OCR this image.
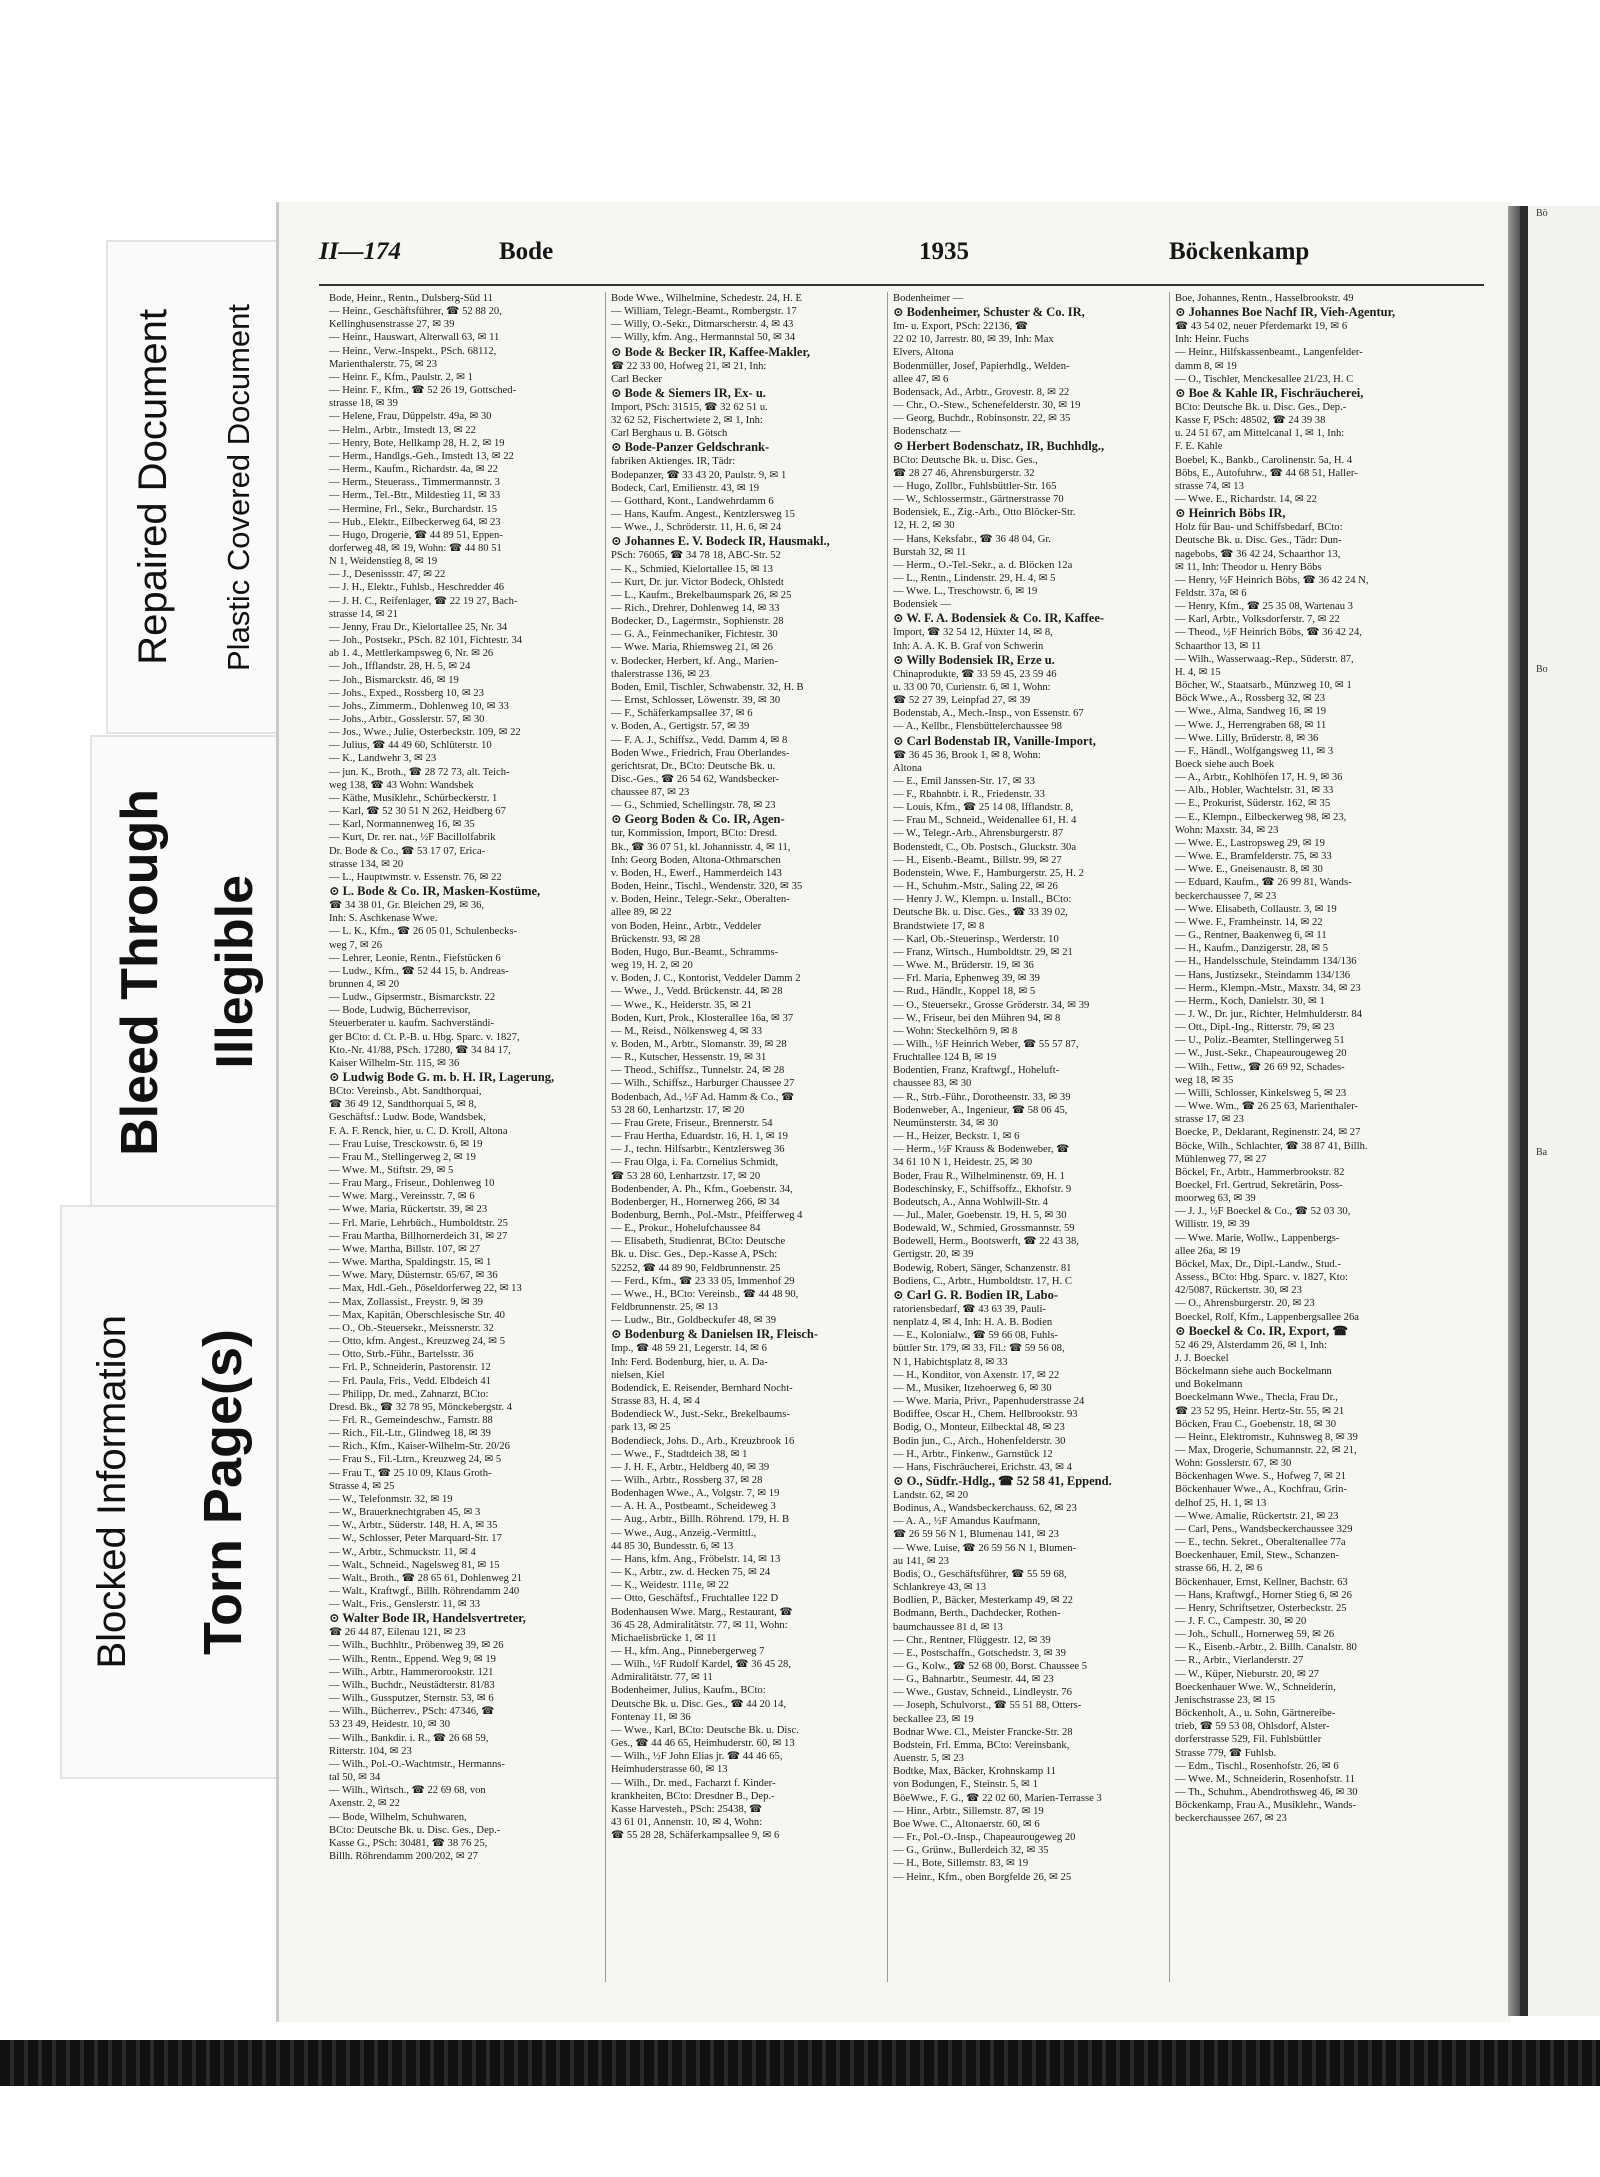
Repaired Document Plastic Covered Document
Bleed Through Illegible
Blocked Information Torn Page(s)
II—174	Bode	1935	Böckenkamp
Bode, Heinr., Rentn., Dulsberg-Süd 11
— Heinr., Geschäftsführer, ☎ 52 88 20,
Kellinghusenstrasse 27, ✉ 39
— Heinr., Hauswart, Alterwall 63, ✉ 11
— Heinr., Verw.-Inspekt., PSch. 68112,
Marienthalerstr. 75, ✉ 23
— Heinr. F., Kfm., Paulstr. 2, ✉ 1
— Heinr. F., Kfm., ☎ 52 26 19, Gottsched-
strasse 18, ✉ 39
— Helene, Frau, Düppelstr. 49a, ✉ 30
— Helm., Arbtr., Imstedt 13, ✉ 22
— Henry, Bote, Hellkamp 28, H. 2, ✉ 19
— Herm., Handlgs.-Geh., Imstedt 13, ✉ 22
— Herm., Kaufm., Richardstr. 4a, ✉ 22
— Herm., Steuerass., Timmermannstr. 3
— Herm., Tel.-Btr., Mildestieg 11, ✉ 33
— Hermine, Frl., Sekr., Burchardstr. 15
— Hub., Elektr., Eilbeckerweg 64, ✉ 23
— Hugo, Drogerie, ☎ 44 89 51, Eppen-
dorferweg 48, ✉ 19, Wohn: ☎ 44 80 51
N 1, Weidenstieg 8, ✉ 19
— J., Desenissstr. 47, ✉ 22
— J. H., Elektr., Fuhlsb., Heschredder 46
— J. H. C., Reifenlager, ☎ 22 19 27, Bach-
strasse 14, ✉ 21
— Jenny, Frau Dr., Kielortallee 25, Nr. 34
— Joh., Postsekr., PSch. 82 101, Fichtestr. 34
ab 1. 4., Mettlerkampsweg 6, Nr. ✉ 26
— Joh., Ifflandstr. 28, H. 5, ✉ 24
— Joh., Bismarckstr. 46, ✉ 19
— Johs., Exped., Rossberg 10, ✉ 23
— Johs., Zimmerm., Dohlenweg 10, ✉ 33
— Johs., Arbtr., Gosslerstr. 57, ✉ 30
— Jos., Wwe., Julie, Osterbeckstr. 109, ✉ 22
— Julius, ☎ 44 49 60, Schlüterstr. 10
— K., Landwehr 3, ✉ 23
— jun. K., Broth., ☎ 28 72 73, alt. Teich-
weg 138, ☎ 43 Wohn: Wandsbek
— Käthe, Musiklehr., Schürbeckerstr. 1
— Karl, ☎ 52 30 51 N 262, Heidberg 67
— Karl, Normannenweg 16, ✉ 35
— Kurt, Dr. rer. nat., ½F Bacillolfabrik
Dr. Bode & Co., ☎ 53 17 07, Erica-
strasse 134, ✉ 20
— L., Hauptwmstr. v. Essenstr. 76, ✉ 22
⊙ L. Bode & Co. IR, Masken-Kostüme,
☎ 34 38 01, Gr. Bleichen 29, ✉ 36,
Inh: S. Aschkenase Wwe.
— L. K., Kfm., ☎ 26 05 01, Schulenbecks-
weg 7, ✉ 26
— Lehrer, Leonie, Rentn., Fiefstücken 6
— Ludw., Kfm., ☎ 52 44 15, b. Andreas-
brunnen 4, ✉ 20
— Ludw., Gipsermstr., Bismarckstr. 22
— Bode, Ludwig, Bücherrevisor,
Steuerberater u. kaufm. Sachverständi-
ger BCto: d. Ct. P.-B. u. Hbg. Sparc. v. 1827,
Kto.-Nr. 41/88, PSch. 17280, ☎ 34 84 17,
Kaiser Wilhelm-Str. 115, ✉ 36
⊙ Ludwig Bode G. m. b. H. IR, Lagerung,
BCto: Vereinsb., Abt. Sandthorquai,
☎ 36 49 12, Sandthorquai 5, ✉ 8,
Geschäftsf.: Ludw. Bode, Wandsbek,
F. A. F. Renck, hier, u. C. D. Kroll, Altona
— Frau Luise, Tresckowstr. 6, ✉ 19
— Frau M., Stellingerweg 2, ✉ 19
— Wwe. M., Stiftstr. 29, ✉ 5
— Frau Marg., Friseur., Dohlenweg 10
— Wwe. Marg., Vereinsstr. 7, ✉ 6
— Wwe. Maria, Rückertstr. 39, ✉ 23
— Frl. Marie, Lehrbüch., Humboldtstr. 25
— Frau Martha, Billhornerdeich 31, ✉ 27
— Wwe. Martha, Billstr. 107, ✉ 27
— Wwe. Martha, Spaldingstr. 15, ✉ 1
— Wwe. Mary, Düsternstr. 65/67, ✉ 36
— Max, Hdl.-Geh., Pöseldorferweg 22, ✉ 13
— Max, Zollassist., Freystr. 9, ✉ 39
— Max, Kapitän, Oberschlesische Str. 40
— O., Ob.-Steuersekr., Meissnerstr. 32
— Otto, kfm. Angest., Kreuzweg 24, ✉ 5
— Otto, Strb.-Führ., Bartelsstr. 36
— Frl. P., Schneiderin, Pastorenstr. 12
— Frl. Paula, Fris., Vedd. Elbdeich 41
— Philipp, Dr. med., Zahnarzt, BCto:
Dresd. Bk., ☎ 32 78 95, Mönckebergstr. 4
— Frl. R., Gemeindeschw., Farnstr. 88
— Rich., Fil.-Ltr., Glindweg 18, ✉ 39
— Rich., Kfm., Kaiser-Wilhelm-Str. 20/26
— Frau S., Fil.-Ltrn., Kreuzweg 24, ✉ 5
— Frau T., ☎ 25 10 09, Klaus Groth-
Strasse 4, ✉ 25
— W., Telefonmstr. 32, ✉ 19
— W., Brauerknechtgraben 45, ✉ 3
— W., Arbtr., Süderstr. 148, H. A, ✉ 35
— W., Schlosser, Peter Marquard-Str. 17
— W., Arbtr., Schmuckstr. 11, ✉ 4
— Walt., Schneid., Nagelsweg 81, ✉ 15
— Walt., Broth., ☎ 28 65 61, Dohlenweg 21
— Walt., Kraftwgf., Billh. Röhrendamm 240
— Walt., Fris., Genslerstr. 11, ✉ 33
⊙ Walter Bode IR, Handelsvertreter,
☎ 26 44 87, Eilenau 121, ✉ 23
— Wilh., Buchhltr., Pröbenweg 39, ✉ 26
— Wilh., Rentn., Eppend. Weg 9, ✉ 19
— Wilh., Arbtr., Hammerorookstr. 121
— Wilh., Buchdr., Neustädterstr. 81/83
— Wilh., Gussputzer, Sternstr. 53, ✉ 6
— Wilh., Bücherrev., PSch: 47346, ☎
53 23 49, Heidestr. 10, ✉ 30
— Wilh., Bankdir. i. R., ☎ 26 68 59,
Ritterstr. 104, ✉ 23
— Wilh., Pol.-O.-Wachtmstr., Hermanns-
tal 50, ✉ 34
— Wilh., Wirtsch., ☎ 22 69 68, von
Axenstr. 2, ✉ 22
— Bode, Wilhelm, Schuhwaren,
BCto: Deutsche Bk. u. Disc. Ges., Dep.-
Kasse G., PSch: 30481, ☎ 38 76 25,
Billh. Röhrendamm 200/202, ✉ 27
Bode Wwe., Wilhelmine, Schedestr. 24, H. E
— William, Telegr.-Beamt., Rombergstr. 17
— Willy, O.-Sekr., Ditmarscherstr. 4, ✉ 43
— Willy, kfm. Ang., Hermannstal 50, ✉ 34
⊙ Bode & Becker IR, Kaffee-Makler,
☎ 22 33 00, Hofweg 21, ✉ 21, Inh:
Carl Becker
⊙ Bode & Siemers IR, Ex- u.
Import, PSch: 31515, ☎ 32 62 51 u.
32 62 52, Fischertwiete 2, ✉ 1, Inh:
Carl Berghaus u. B. Götsch
⊙ Bode-Panzer Geldschrank-
fabriken Aktienges. IR, Tädr:
Bodepanzer, ☎ 33 43 20, Paulstr. 9, ✉ 1
Bodeck, Carl, Emilienstr. 43, ✉ 19
— Gotthard, Kont., Landwehrdamm 6
— Hans, Kaufm. Angest., Kentzlersweg 15
— Wwe., J., Schröderstr. 11, H. 6, ✉ 24
⊙ Johannes E. V. Bodeck IR, Hausmakl.,
PSch: 76065, ☎ 34 78 18, ABC-Str. 52
— K., Schmied, Kielortallee 15, ✉ 13
— Kurt, Dr. jur. Victor Bodeck, Ohlstedt
— L., Kaufm., Brekelbaumspark 26, ✉ 25
— Rich., Drehrer, Dohlenweg 14, ✉ 33
Bodecker, D., Lagermstr., Sophienstr. 28
— G. A., Feinmechaniker, Fichtestr. 30
— Wwe. Maria, Rhiemsweg 21, ✉ 26
v. Bodecker, Herbert, kf. Ang., Marien-
thalerstrasse 136, ✉ 23
Boden, Emil, Tischler, Schwabenstr. 32, H. B
— Ernst, Schlosser, Löwenstr. 39, ✉ 30
— F., Schäferkampsallee 37, ✉ 6
v. Boden, A., Gertigstr. 57, ✉ 39
— F. A. J., Schiffsz., Vedd. Damm 4, ✉ 8
Boden Wwe., Friedrich, Frau Oberlandes-
gerichtsrat, Dr., BCto: Deutsche Bk. u.
Disc.-Ges., ☎ 26 54 62, Wandsbecker-
chaussee 87, ✉ 23
— G., Schmied, Schellingstr. 78, ✉ 23
⊙ Georg Boden & Co. IR, Agen-
tur, Kommission, Import, BCto: Dresd.
Bk., ☎ 36 07 51, kl. Johannisstr. 4, ✉ 11,
Inh: Georg Boden, Altona-Othmarschen
v. Boden, H., Ewerf., Hammerdeich 143
Boden, Heinr., Tischl., Wendenstr. 320, ✉ 35
v. Boden, Heinr., Telegr.-Sekr., Oberalten-
allee 89, ✉ 22
von Boden, Heinr., Arbtr., Veddeler
Brückenstr. 93, ✉ 28
Boden, Hugo, Bur.-Beamt., Schramms-
weg 19, H. 2, ✉ 20
v. Boden, J. C., Kontorist, Veddeler Damm 2
— Wwe., J., Vedd. Brückenstr. 44, ✉ 28
— Wwe., K., Heiderstr. 35, ✉ 21
Boden, Kurt, Prok., Klosterallee 16a, ✉ 37
— M., Reisd., Nölkensweg 4, ✉ 33
v. Boden, M., Arbtr., Slomanstr. 39, ✉ 28
— R., Kutscher, Hessenstr. 19, ✉ 31
— Theod., Schiffsz., Tunnelstr. 24, ✉ 28
— Wilh., Schiffsz., Harburger Chaussee 27
Bodenbach, Ad., ½F Ad. Hamm & Co., ☎
53 28 60, Lenhartzstr. 17, ✉ 20
— Frau Grete, Friseur., Brennerstr. 54
— Frau Hertha, Eduardstr. 16, H. 1, ✉ 19
— J., techn. Hilfsarbtr., Kentzlersweg 36
— Frau Olga, i. Fa. Cornelius Schmidt,
☎ 53 28 60, Lenhartzstr. 17, ✉ 20
Bodenbender, A. Ph., Kfm., Goebenstr. 34,
Bodenberger, H., Hornerweg 266, ✉ 34
Bodenburg, Bernh., Pol.-Mstr., Pfeifferweg 4
— E., Prokur., Hohelufchaussee 84
— Elisabeth, Studienrat, BCto: Deutsche
Bk. u. Disc. Ges., Dep.-Kasse A, PSch:
52252, ☎ 44 89 90, Feldbrunnenstr. 25
— Ferd., Kfm., ☎ 23 33 05, Immenhof 29
— Wwe., H., BCto: Vereinsb., ☎ 44 48 90,
Feldbrunnenstr. 25, ✉ 13
— Ludw., Btr., Goldbeckufer 48, ✉ 39
⊙ Bodenburg & Danielsen IR, Fleisch-
Imp., ☎ 48 59 21, Legerstr. 14, ✉ 6
Inh: Ferd. Bodenburg, hier, u. A. Da-
nielsen, Kiel
Bodendick, E. Reisender, Bernhard Nocht-
Strasse 83, H. 4, ✉ 4
Bodendieck W., Just.-Sekr., Brekelbaums-
park 13, ✉ 25
Bodendieck, Johs. D., Arb., Kreuzbrook 16
— Wwe., F., Stadtdeich 38, ✉ 1
— J. H. F., Arbtr., Heldberg 40, ✉ 39
— Wilh., Arbtr., Rossberg 37, ✉ 28
Bodenhagen Wwe., A., Volgstr. 7, ✉ 19
— A. H. A., Postbeamt., Scheideweg 3
— Aug., Arbtr., Billh. Röhrend. 179, H. B
— Wwe., Aug., Anzeig.-Vermittl.,
44 85 30, Bundesstr. 6, ✉ 13
— Hans, kfm. Ang., Fröbelstr. 14, ✉ 13
— K., Arbtr., zw. d. Hecken 75, ✉ 24
— K., Weidestr. 111e, ✉ 22
— Otto, Geschäftsf., Fruchtallee 122 D
Bodenhausen Wwe. Marg., Restaurant, ☎
36 45 28, Admiralitätstr. 77, ✉ 11, Wohn:
Michaelisbrücke 1, ✉ 11
— H., kfm. Ang., Pinnebergerweg 7
— Wilh., ½F Rudolf Kardel, ☎ 36 45 28,
Admiralitätstr. 77, ✉ 11
Bodenheimer, Julius, Kaufm., BCto:
Deutsche Bk. u. Disc. Ges., ☎ 44 20 14,
Fontenay 11, ✉ 36
— Wwe., Karl, BCto: Deutsche Bk. u. Disc.
Ges., ☎ 44 46 65, Heimhuderstr. 60, ✉ 13
— Wilh., ½F John Elias jr. ☎ 44 46 65,
Heimhuderstrasse 60, ✉ 13
— Wilh., Dr. med., Facharzt f. Kinder-
krankheiten, BCto: Dresdner B., Dep.-
Kasse Harvesteh., PSch: 25438, ☎
43 61 01, Annenstr. 10, ✉ 4, Wohn:
☎ 55 28 28, Schäferkampsallee 9, ✉ 6
Bodenheimer —
⊙ Bodenheimer, Schuster & Co. IR,
Im- u. Export, PSch: 22136, ☎
22 02 10, Jarrestr. 80, ✉ 39, Inh: Max
Elvers, Altona
Bodenmüller, Josef, Papierhdlg., Welden-
allee 47, ✉ 6
Bodensack, Ad., Arbtr., Grovestr. 8, ✉ 22
— Chr., O.-Stew., Schenefelderstr. 30, ✉ 19
— Georg, Buchdr., Robinsonstr. 22, ✉ 35
Bodenschatz —
⊙ Herbert Bodenschatz, IR, Buchhdlg.,
BCto: Deutsche Bk. u. Disc. Ges.,
☎ 28 27 46, Ahrensburgerstr. 32
— Hugo, Zollbr., Fuhlsbüttler-Str. 165
— W., Schlossermstr., Gärtnerstrasse 70
Bodensiek, E., Zig.-Arb., Otto Blöcker-Str.
12, H. 2, ✉ 30
— Hans, Keksfabr., ☎ 36 48 04, Gr.
Burstah 32, ✉ 11
— Herm., O.-Tel.-Sekr., a. d. Blöcken 12a
— L., Rentn., Lindenstr. 29, H. 4, ✉ 5
— Wwe. L., Treschowstr. 6, ✉ 19
Bodensiek —
⊙ W. F. A. Bodensiek & Co. IR, Kaffee-
Import, ☎ 32 54 12, Hüxter 14, ✉ 8,
Inh: A. A. K. B. Graf von Schwerin
⊙ Willy Bodensiek IR, Erze u.
Chinaprodukte, ☎ 33 59 45, 23 59 46
u. 33 00 70, Curienstr. 6, ✉ 1, Wohn:
☎ 52 27 39, Leinpfad 27, ✉ 39
Bodenstab, A., Mech.-Insp., von Essenstr. 67
— A., Kellbr., Flensbüttelerchaussee 98
⊙ Carl Bodenstab IR, Vanille-Import,
☎ 36 45 36, Brook 1, ✉ 8, Wohn:
Altona
— E., Emil Janssen-Str. 17, ✉ 33
— F., Rbahnbtr. i. R., Friedenstr. 33
— Louis, Kfm., ☎ 25 14 08, Ifflandstr. 8,
— Frau M., Schneid., Weidenallee 61, H. 4
— W., Telegr.-Arb., Ahrensburgerstr. 87
Bodenstedt, C., Ob. Postsch., Gluckstr. 30a
— H., Eisenb.-Beamt., Billstr. 99, ✉ 27
Bodenstein, Wwe. F., Hamburgerstr. 25, H. 2
— H., Schuhm.-Mstr., Saling 22, ✉ 26
— Henry J. W., Klempn. u. Install., BCto:
Deutsche Bk. u. Disc. Ges., ☎ 33 39 02,
Brandstwiete 17, ✉ 8
— Karl, Ob.-Steuerinsp., Werderstr. 10
— Franz, Wirtsch., Humboldtstr. 29, ✉ 21
— Wwe. M., Brüderstr. 19, ✉ 36
— Frl. Maria, Ephenweg 39, ✉ 39
— Rud., Händlr., Koppel 18, ✉ 5
— O., Steuersekr., Grosse Gröderstr. 34, ✉ 39
— W., Friseur, bei den Mühren 94, ✉ 8
— Wohn: Steckelhörn 9, ✉ 8
— Wilh., ½F Heinrich Weber, ☎ 55 57 87,
Fruchtallee 124 B, ✉ 19
Bodentien, Franz, Kraftwgf., Hoheluft-
chaussee 83, ✉ 30
— R., Strb.-Führ., Dorotheenstr. 33, ✉ 39
Bodenweber, A., Ingenieur, ☎ 58 06 45,
Neumünsterstr. 34, ✉ 30
— H., Heizer, Beckstr. 1, ✉ 6
— Herm., ½F Krauss & Bodenweber, ☎
34 61 10 N 1, Heidestr. 25, ✉ 30
Boder, Frau R., Wilhelminenstr. 69, H. 1
Bodeschinsky, F., Schiffsoffz., Ekhofstr. 9
Bodeutsch, A., Anna Wohlwill-Str. 4
— Jul., Maler, Goebenstr. 19, H. 5, ✉ 30
Bodewald, W., Schmied, Grossmannstr. 59
Bodewell, Herm., Bootswerft, ☎ 22 43 38,
Gertigstr. 20, ✉ 39
Bodewig, Robert, Sänger, Schanzenstr. 81
Bodiens, C., Arbtr., Humboldtstr. 17, H. C
⊙ Carl G. R. Bodien IR, Labo-
ratoriensbedarf, ☎ 43 63 39, Pauli-
nenplatz 4, ✉ 4, Inh: H. A. B. Bodien
— E., Kolonialw., ☎ 59 66 08, Fuhls-
büttler Str. 179, ✉ 33, Fil.: ☎ 59 56 08,
N 1, Habichtsplatz 8, ✉ 33
— H., Konditor, von Axenstr. 17, ✉ 22
— M., Musiker, Itzehoerweg 6, ✉ 30
— Wwe. Maria, Privr., Papenhuderstrasse 24
Bodiffee, Oscar H., Chem. Hellbrookstr. 93
Bodig, O., Monteur, Eilbecktal 48, ✉ 23
Bodin jun., C., Arch., Hohenfelderstr. 30
— H., Arbtr., Finkenw., Garnstück 12
— Hans, Fischräucherei, Erichstr. 43, ✉ 4
⊙ O., Südfr.-Hdlg., ☎ 52 58 41, Eppend.
Landstr. 62, ✉ 20
Bodinus, A., Wandsbeckerchauss. 62, ✉ 23
— A. A., ½F Amandus Kaufmann,
☎ 26 59 56 N 1, Blumenau 141, ✉ 23
— Wwe. Luise, ☎ 26 59 56 N 1, Blumen-
au 141, ✉ 23
Bodis, O., Geschäftsführer, ☎ 55 59 68,
Schlankreye 43, ✉ 13
Bodlien, P., Bäcker, Mesterkamp 49, ✉ 22
Bodmann, Berth., Dachdecker, Rothen-
baumchaussee 81 d, ✉ 13
— Chr., Rentner, Flüggestr. 12, ✉ 39
— E., Postschaffn., Gotschedstr. 3, ✉ 39
— G., Kolw., ☎ 52 68 00, Borst. Chaussee 5
— G., Bahnarbtr., Seumestr. 44, ✉ 23
— Wwe., Gustav, Schneid., Lindleystr. 76
— Joseph, Schulvorst., ☎ 55 51 88, Otters-
beckallee 23, ✉ 19
Bodnar Wwe. Cl., Meister Francke-Str. 28
Bodstein, Frl. Emma, BCto: Vereinsbank,
Auenstr. 5, ✉ 23
Bodtke, Max, Bäcker, Krohnskamp 11
von Bodungen, F., Steinstr. 5, ✉ 1
BöeWwe., F. G., ☎ 22 02 60, Marien-Terrasse 3
— Hinr., Arbtr., Sillemstr. 87, ✉ 19
Boe Wwe. C., Altonaerstr. 60, ✉ 6
— Fr., Pol.-O.-Insp., Chapeaurougeweg 20
— G., Grünw., Bullerdeich 32, ✉ 35
— H., Bote, Sillemstr. 83, ✉ 19
— Heinr., Kfm., oben Borgfelde 26, ✉ 25
Boe, Johannes, Rentn., Hasselbrookstr. 49
⊙ Johannes Boe Nachf IR, Vieh-Agentur,
☎ 43 54 02, neuer Pferdemarkt 19, ✉ 6
Inh: Heinr. Fuchs
— Heinr., Hilfskassenbeamt., Langenfelder-
damm 8, ✉ 19
— O., Tischler, Menckesallee 21/23, H. C
⊙ Boe & Kahle IR, Fischräucherei,
BCto: Deutsche Bk. u. Disc. Ges., Dep.-
Kasse F, PSch: 48502, ☎ 24 39 38
u. 24 51 67, am Mittelcanal 1, ✉ 1, Inh:
F. E. Kahle
Boebel, K., Bankb., Carolinenstr. 5a, H. 4
Böbs, E., Autofuhrw., ☎ 44 68 51, Haller-
strasse 74, ✉ 13
— Wwe. E., Richardstr. 14, ✉ 22
⊙ Heinrich Böbs IR,
Holz für Bau- und Schiffsbedarf, BCto:
Deutsche Bk. u. Disc. Ges., Tädr: Dun-
nagebobs, ☎ 36 42 24, Schaarthor 13,
✉ 11, Inh: Theodor u. Henry Böbs
— Henry, ½F Heinrich Böbs, ☎ 36 42 24 N,
Feldstr. 37a, ✉ 6
— Henry, Kfm., ☎ 25 35 08, Wartenau 3
— Karl, Arbtr., Volksdorferstr. 7, ✉ 22
— Theod., ½F Heinrich Böbs, ☎ 36 42 24,
Schaarthor 13, ✉ 11
— Wilh., Wasserwaag.-Rep., Süderstr. 87,
H. 4, ✉ 15
Böcher, W., Staatsarb., Münzweg 10, ✉ 1
Böck Wwe., A., Rossberg 32, ✉ 23
— Wwe., Alma, Sandweg 16, ✉ 19
— Wwe. J., Herrengraben 68, ✉ 11
— Wwe. Lilly, Brüderstr. 8, ✉ 36
— F., Händl., Wolfgangsweg 11, ✉ 3
Boeck siehe auch Boek
— A., Arbtr., Kohlhöfen 17, H. 9, ✉ 36
— Alb., Hobler, Wachtelstr. 31, ✉ 33
— E., Prokurist, Süderstr. 162, ✉ 35
— E., Klempn., Eilbeckerweg 98, ✉ 23,
Wohn: Maxstr. 34, ✉ 23
— Wwe. E., Lastropsweg 29, ✉ 19
— Wwe. E., Bramfelderstr. 75, ✉ 33
— Wwe. E., Gneisenaustr. 8, ✉ 30
— Eduard, Kaufm., ☎ 26 99 81, Wands-
beckerchaussee 7, ✉ 23
— Wwe. Elisabeth, Collaustr. 3, ✉ 19
— Wwe. F., Framheinstr. 14, ✉ 22
— G., Rentner, Baakenweg 6, ✉ 11
— H., Kaufm., Danzigerstr. 28, ✉ 5
— H., Handelsschule, Steindamm 134/136
— Hans, Justizsekr., Steindamm 134/136
— Herm., Klempn.-Mstr., Maxstr. 34, ✉ 23
— Herm., Koch, Danielstr. 30, ✉ 1
— J. W., Dr. jur., Richter, Helmhulderstr. 84
— Ott., Dipl.-Ing., Ritterstr. 79, ✉ 23
— U., Poliz.-Beamter, Stellingerweg 51
— W., Just.-Sekr., Chapeaurougeweg 20
— Wilh., Fettw., ☎ 26 69 92, Schades-
weg 18, ✉ 35
— Willi, Schlosser, Kinkelsweg 5, ✉ 23
— Wwe. Wm., ☎ 26 25 63, Marienthaler-
strasse 17, ✉ 23
Boecke, P., Deklarant, Reginenstr. 24, ✉ 27
Böcke, Wilh., Schlachter, ☎ 38 87 41, Billh.
Mühlenweg 77, ✉ 27
Böckel, Fr., Arbtr., Hammerbrookstr. 82
Boeckel, Frl. Gertrud, Sekretärin, Poss-
moorweg 63, ✉ 39
— J. J., ½F Boeckel & Co., ☎ 52 03 30,
Willistr. 19, ✉ 39
— Wwe. Marie, Wollw., Lappenbergs-
allee 26a, ✉ 19
Böckel, Max, Dr., Dipl.-Landw., Stud.-
Assess., BCto: Hbg. Sparc. v. 1827, Kto:
42/5087, Rückertstr. 30, ✉ 23
— O., Ahrensburgerstr. 20, ✉ 23
Boeckel, Rolf, Kfm., Lappenbergsallee 26a
⊙ Boeckel & Co. IR, Export, ☎
52 46 29, Alsterdamm 26, ✉ 1, Inh:
J. J. Boeckel
Böckelmann siehe auch Bockelmann
und Bokelmann
Boeckelmann Wwe., Thecla, Frau Dr.,
☎ 23 52 95, Heinr. Hertz-Str. 55, ✉ 21
Böcken, Frau C., Goebenstr. 18, ✉ 30
— Heinr., Elektromstr., Kuhnsweg 8, ✉ 39
— Max, Drogerie, Schumannstr. 22, ✉ 21,
Wohn: Gosslerstr. 67, ✉ 30
Böckenhagen Wwe. S., Hofweg 7, ✉ 21
Böckenhauer Wwe., A., Kochfrau, Grin-
delhof 25, H. 1, ✉ 13
— Wwe. Amalie, Rückertstr. 21, ✉ 23
— Carl, Pens., Wandsbeckerchaussee 329
— E., techn. Sekret., Oberaltenallee 77a
Boeckenhauer, Emil, Stew., Schanzen-
strasse 66, H. 2, ✉ 6
Böckenhauer, Ernst, Kellner, Bachstr. 63
— Hans, Kraftwgf., Horner Stieg 6, ✉ 26
— Henry, Schriftsetzer, Osterbeckstr. 25
— J. F. C., Campestr. 30, ✉ 20
— Joh., Schull., Hornerweg 59, ✉ 26
— K., Eisenb.-Arbtr., 2. Billh. Canalstr. 80
— R., Arbtr., Vierlanderstr. 27
— W., Küper, Nieburstr. 20, ✉ 27
Boeckenhauer Wwe. W., Schneiderin,
Jenischstrasse 23, ✉ 15
Böckenholt, A., u. Sohn, Gärtnereibe-
trieb, ☎ 59 53 08, Ohlsdorf, Alster-
dorferstrasse 529, Fil. Fuhlsbüttler
Strasse 779, ☎ Fuhlsb.
— Edm., Tischl., Rosenhofstr. 26, ✉ 6
— Wwe. M., Schneiderin, Rosenhofstr. 11
— Th., Schuhm., Abendrothsweg 46, ✉ 30
Böckenkamp, Frau A., Musiklehr., Wands-
beckerchaussee 267, ✉ 23
Bö
Bo
Ba
